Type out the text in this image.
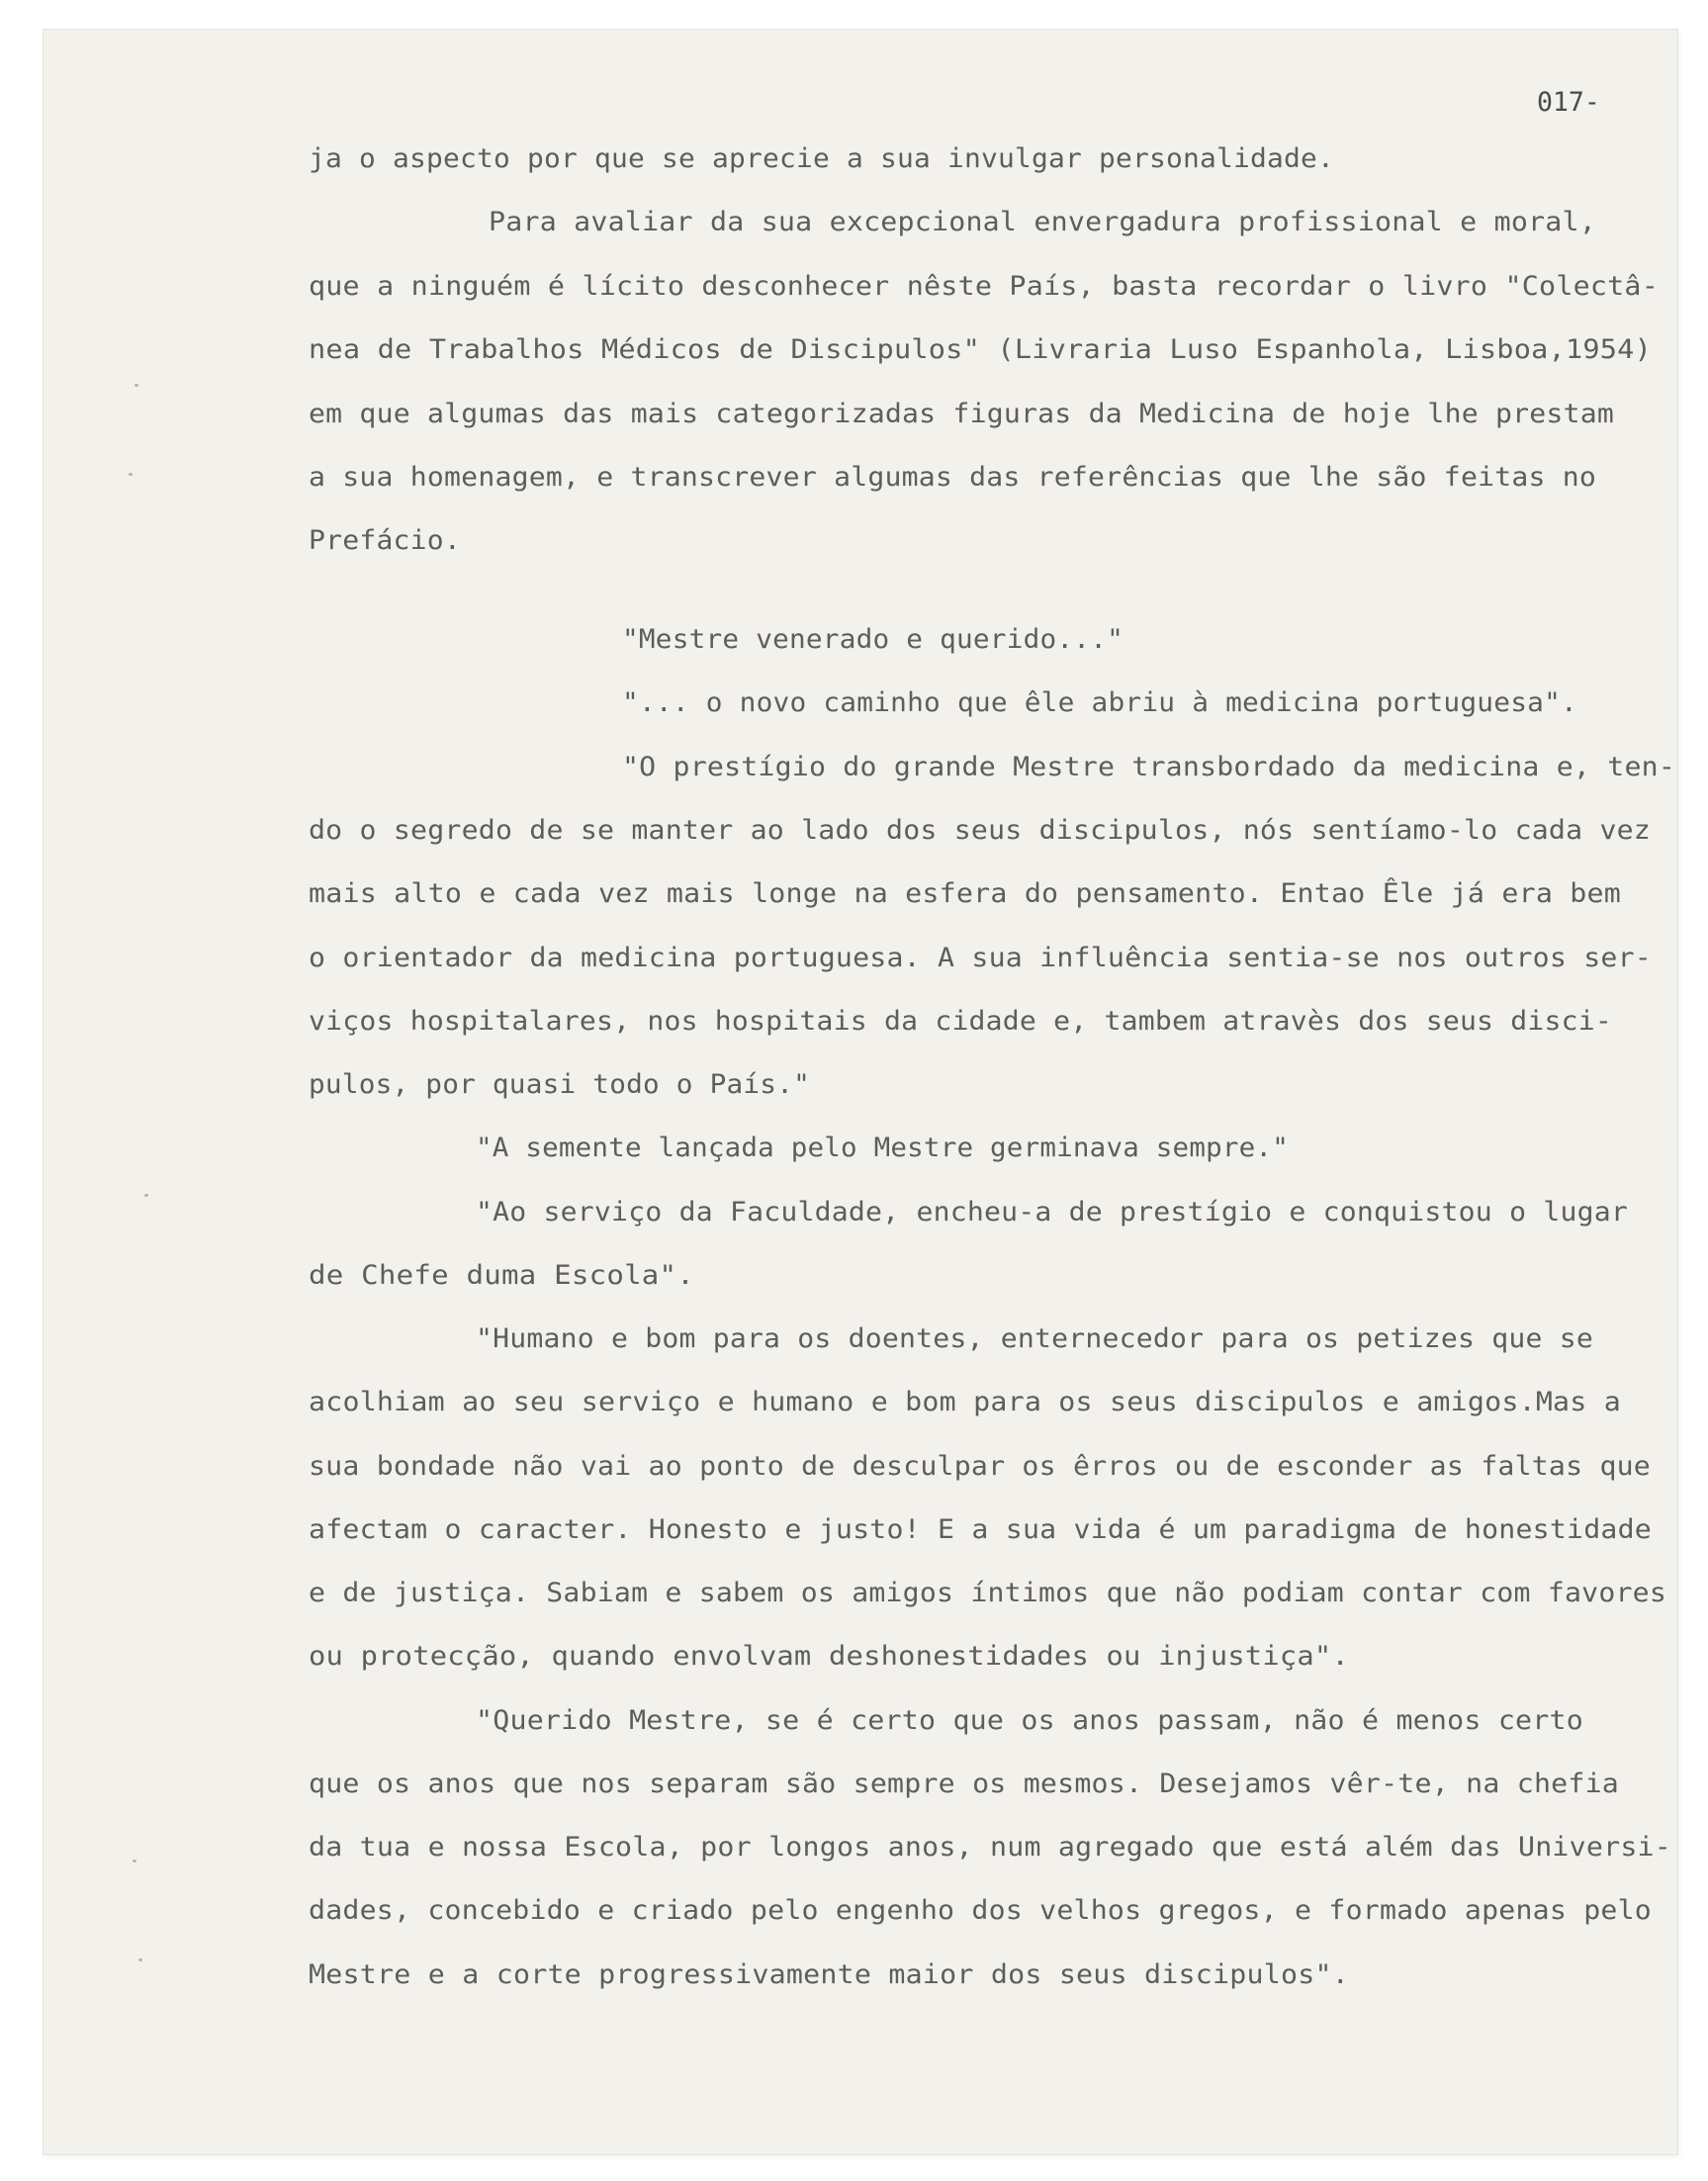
017-
ja o aspecto por que se aprecie a sua invulgar personalidade.
Para avaliar da sua excepcional envergadura profissional e moral,
que a ninguém é lícito desconhecer nêste País, basta recordar o livro "Colectâ-
nea de Trabalhos Médicos de Discipulos" (Livraria Luso Espanhola, Lisboa,1954)
em que algumas das mais categorizadas figuras da Medicina de hoje lhe prestam
a sua homenagem, e transcrever algumas das referências que lhe são feitas no
Prefácio.
"Mestre venerado e querido..."
"... o novo caminho que êle abriu à medicina portuguesa".
"O prestígio do grande Mestre transbordado da medicina e, ten-
do o segredo de se manter ao lado dos seus discipulos, nós sentíamo-lo cada vez
mais alto e cada vez mais longe na esfera do pensamento. Entao Êle já era bem
o orientador da medicina portuguesa. A sua influência sentia-se nos outros ser-
viços hospitalares, nos hospitais da cidade e, tambem atravès dos seus disci-
pulos, por quasi todo o País."
"A semente lançada pelo Mestre germinava sempre."
"Ao serviço da Faculdade, encheu-a de prestígio e conquistou o lugar
de Chefe duma Escola".
"Humano e bom para os doentes, enternecedor para os petizes que se
acolhiam ao seu serviço e humano e bom para os seus discipulos e amigos.Mas a
sua bondade não vai ao ponto de desculpar os êrros ou de esconder as faltas que
afectam o caracter. Honesto e justo! E a sua vida é um paradigma de honestidade
e de justiça. Sabiam e sabem os amigos íntimos que não podiam contar com favores
ou protecção, quando envolvam deshonestidades ou injustiça".
"Querido Mestre, se é certo que os anos passam, não é menos certo
que os anos que nos separam são sempre os mesmos. Desejamos vêr-te, na chefia
da tua e nossa Escola, por longos anos, num agregado que está além das Universi-
dades, concebido e criado pelo engenho dos velhos gregos, e formado apenas pelo
Mestre e a corte progressivamente maior dos seus discipulos".
